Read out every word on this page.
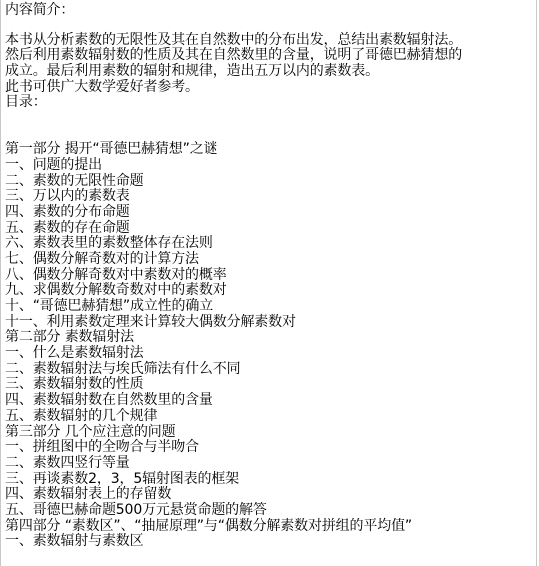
内容简介：
本书从分析素数的无限性及其在自然数中的分布出发，总结出素数辐射法。
然后利用素数辐射数的性质及其在自然数里的含量，说明了哥德巴赫猜想的
成立。最后利用素数的辐射和规律，造出五万以内的素数表。
此书可供广大数学爱好者参考。
目录：
第一部分 揭开“哥德巴赫猜想”之谜
一、问题的提出
二、素数的无限性命题
三、万以内的素数表
四、素数的分布命题
五、素数的存在命题
六、素数表里的素数整体存在法则
七、偶数分解奇数对的计算方法
八、偶数分解奇数对中素数对的概率
九、求偶数分解数奇数对中的素数对
十、“哥德巴赫猜想”成立性的确立
十一、利用素数定理来计算较大偶数分解素数对
第二部分 素数辐射法
一、什么是素数辐射法
二、素数辐射法与埃氏筛法有什么不同
三、素数辐射数的性质
四、素数辐射数在自然数里的含量
五、素数辐射的几个规律
第三部分 几个应注意的问题
一、拼组图中的全吻合与半吻合
二、素数四竖行等量
三、再谈素数2，3，5辐射图表的框架
四、素数辐射表上的存留数
五、哥德巴赫命题500万元悬赏命题的解答
第四部分 “素数区”、“抽屉原理”与“偶数分解素数对拼组的平均值”
一、素数辐射与素数区
